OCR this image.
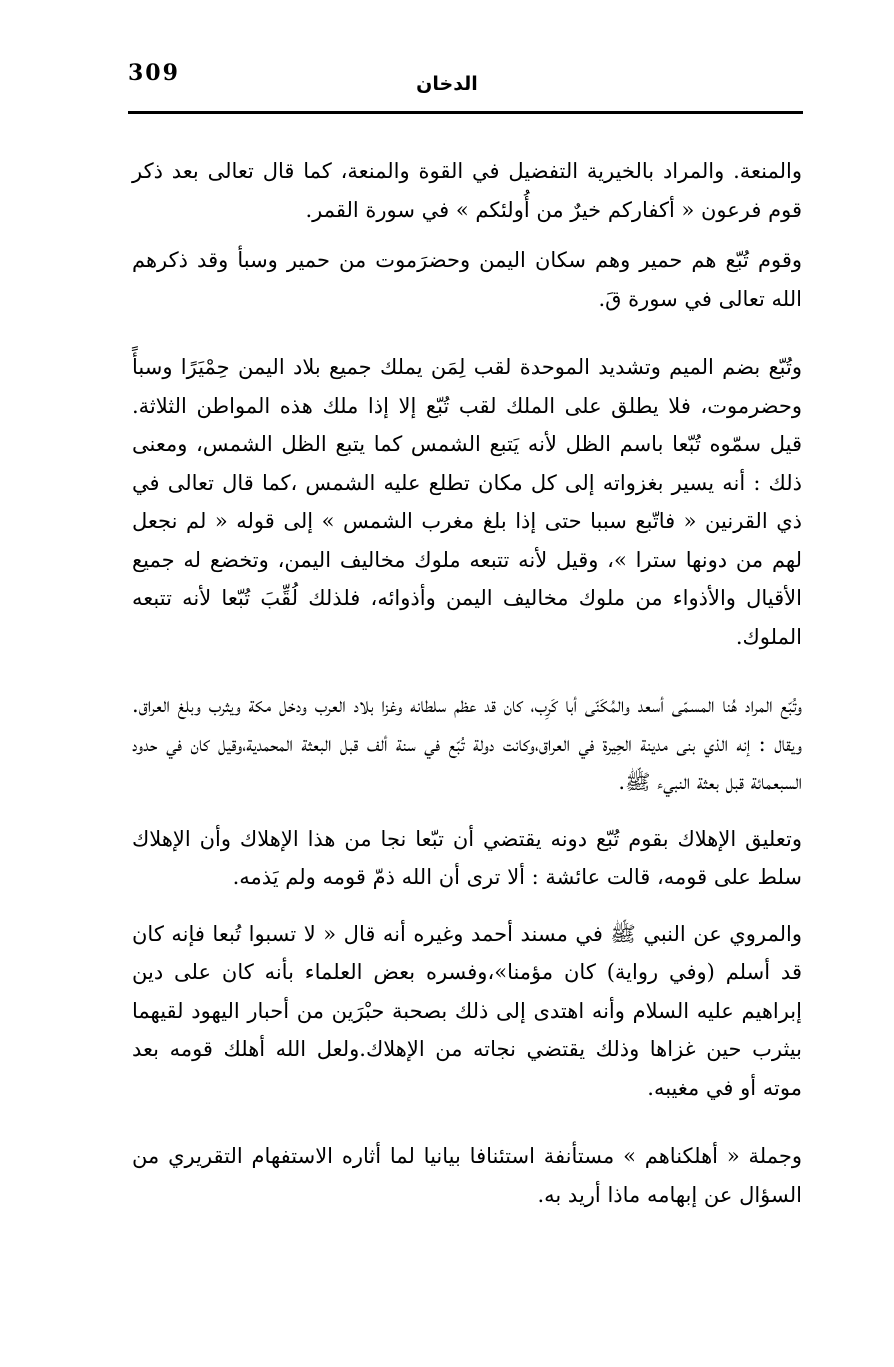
309	الدخان

والمنعة. والمراد بالخيرية التفضيل في القوة والمنعة، كما قال تعالى بعد ذكر قوم فرعون « أكفاركم خيرٌ من أُولئكم » في سورة القمر.

وقوم تُبّع هم حمير وهم سكان اليمن وحضرَموت من حمير وسبأ وقد ذكرهم الله تعالى في سورة قَ.

وتُبّع بضم الميم وتشديد الموحدة لقب لِمَن يملك جميع بلاد اليمن حِمْيَرًا وسبأً وحضرموت، فلا يطلق على الملك لقب تُبّع إلا إذا ملك هذه المواطن الثلاثة. قيل سمّوه تُبّعا باسم الظل لأنه يَتبع الشمس كما يتبع الظل الشمس، ومعنى ذلك : أنه يسير بغزواته إلى كل مكان تطلع عليه الشمس ،كما قال تعالى في ذي القرنين « فاتّبع سببا حتى إذا بلغ مغرب الشمس » إلى قوله « لم نجعل لهم من دونها سترا »، وقيل لأنه تتبعه ملوك مخاليف اليمن، وتخضع له جميع الأقيال والأذواء من ملوك مخاليف اليمن وأذوائه، فلذلك لُقِّبَ تُبّعا لأنه تتبعه الملوك.

وتُبّع المراد هُنا المسمّى أسعد والمُكَنّى أبا كَرِب، كان قد عظم سلطانه وغزا بلاد العرب ودخل مكة ويثرب وبلغ العراق. ويقال : إنه الذي بنى مدينة الحِيرة في العراق،وكانت دولة تُبّع في سنة ألف قبل البعثة المحمدية،وقيل كان في حدود السبعمائة قبل بعثة النبيء ﷺ.

وتعليق الإهلاك بقوم تُبّع دونه يقتضي أن تبّعا نجا من هذا الإهلاك وأن الإهلاك سلط على قومه، قالت عائشة : ألا ترى أن الله ذمّ قومه ولم يَذمه.

والمروي عن النبي ﷺ في مسند أحمد وغيره أنه قال « لا تسبوا تُبعا فإنه كان قد أسلم (وفي رواية) كان مؤمنا»،وفسره بعض العلماء بأنه كان على دين إبراهيم عليه السلام وأنه اهتدى إلى ذلك بصحبة حبْرَين من أحبار اليهود لقيهما بيثرب حين غزاها وذلك يقتضي نجاته من الإهلاك.ولعل الله أهلك قومه بعد موته أو في مغيبه.

وجملة « أهلكناهم » مستأنفة استئنافا بيانيا لما أثاره الاستفهام التقريري من السؤال عن إبهامه ماذا أريد به.
